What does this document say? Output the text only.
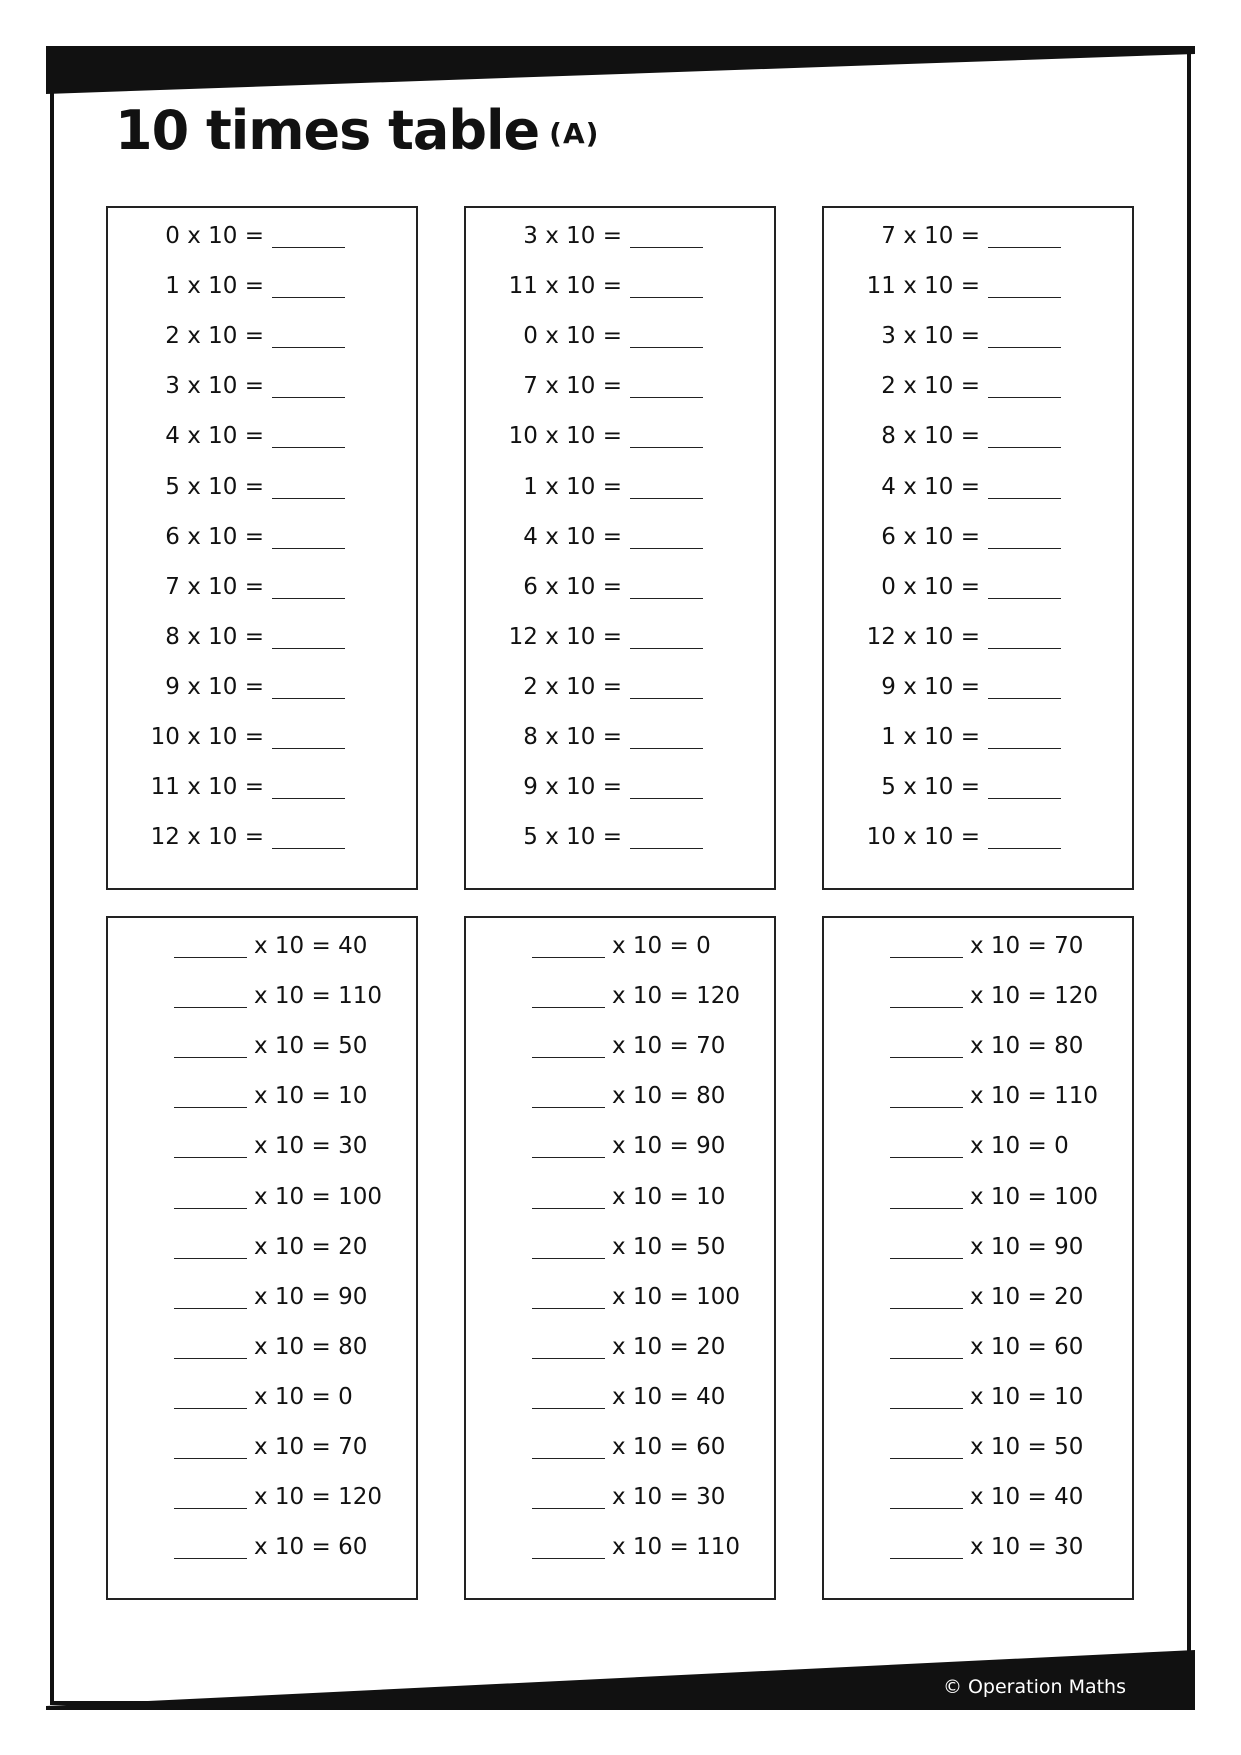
10 times table (A)
0 x 10 =
1 x 10 =
2 x 10 =
3 x 10 =
4 x 10 =
5 x 10 =
6 x 10 =
7 x 10 =
8 x 10 =
9 x 10 =
10 x 10 =
11 x 10 =
12 x 10 =
3 x 10 =
11 x 10 =
0 x 10 =
7 x 10 =
10 x 10 =
1 x 10 =
4 x 10 =
6 x 10 =
12 x 10 =
2 x 10 =
8 x 10 =
9 x 10 =
5 x 10 =
7 x 10 =
11 x 10 =
3 x 10 =
2 x 10 =
8 x 10 =
4 x 10 =
6 x 10 =
0 x 10 =
12 x 10 =
9 x 10 =
1 x 10 =
5 x 10 =
10 x 10 =
x 10 = 40
x 10 = 110
x 10 = 50
x 10 = 10
x 10 = 30
x 10 = 100
x 10 = 20
x 10 = 90
x 10 = 80
x 10 = 0
x 10 = 70
x 10 = 120
x 10 = 60
x 10 = 0
x 10 = 120
x 10 = 70
x 10 = 80
x 10 = 90
x 10 = 10
x 10 = 50
x 10 = 100
x 10 = 20
x 10 = 40
x 10 = 60
x 10 = 30
x 10 = 110
x 10 = 70
x 10 = 120
x 10 = 80
x 10 = 110
x 10 = 0
x 10 = 100
x 10 = 90
x 10 = 20
x 10 = 60
x 10 = 10
x 10 = 50
x 10 = 40
x 10 = 30
© Operation Maths
